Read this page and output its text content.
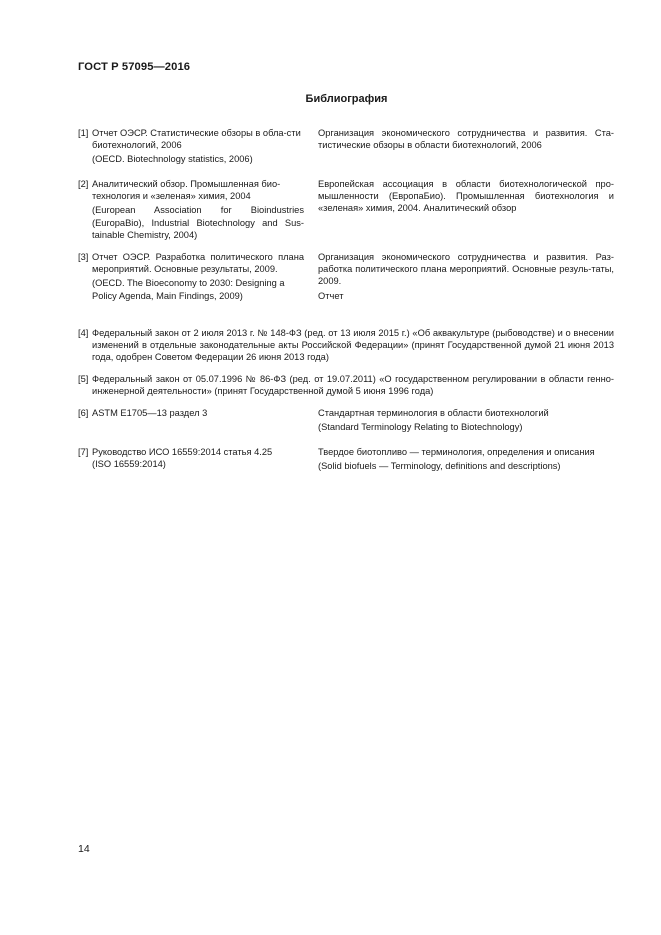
ГОСТ Р 57095—2016
Библиография
[1] Отчет ОЭСР. Статистические обзоры в обла-сти биотехнологий, 2006

(OECD. Biotechnology statistics, 2006)

Организация экономического сотрудничества и развития. Ста-тистические обзоры в области биотехнологий, 2006

[2] Аналитический обзор. Промышленная био-технология и «зеленая» химия, 2004

(European Association for Bioindustries (EuropaBio), Industrial Biotechnology and Sus-tainable Chemistry, 2004)

Европейская ассоциация в области биотехнологической про-мышленности (ЕвропаБио). Промышленная биотехнология и «зеленая» химия, 2004. Аналитический обзор

[3] Отчет ОЭСР. Разработка политического плана мероприятий. Основные результаты, 2009.

(OECD. The Bioeconomy to 2030: Designing a Policy Agenda, Main Findings, 2009)

Организация экономического сотрудничества и развития. Раз-работка политического плана мероприятий. Основные резуль-таты, 2009.

Отчет

[4] Федеральный закон от 2 июля 2013 г. № 148-ФЗ (ред. от 13 июля 2015 г.) «Об аквакультуре (рыбоводстве) и о внесении изменений в отдельные законодательные акты Российской Федерации» (принят Государственной думой 21 июня 2013 года, одобрен Советом Федерации 26 июня 2013 года)

[5] Федеральный закон от 05.07.1996 № 86-ФЗ (ред. от 19.07.2011) «О государственном регулировании в области генно-инженерной деятельности» (принят Государственной думой 5 июня 1996 года)

[6] ASTM E1705—13 раздел 3	Стандартная терминология в области биотехнологий

(Standard Terminology Relating to Biotechnology)

[7] Руководство ИСО 16559:2014 статья 4.25

(ISO 16559:2014)

Твердое биотопливо — терминология, определения и описания

(Solid biofuels — Terminology, definitions and descriptions)

14
